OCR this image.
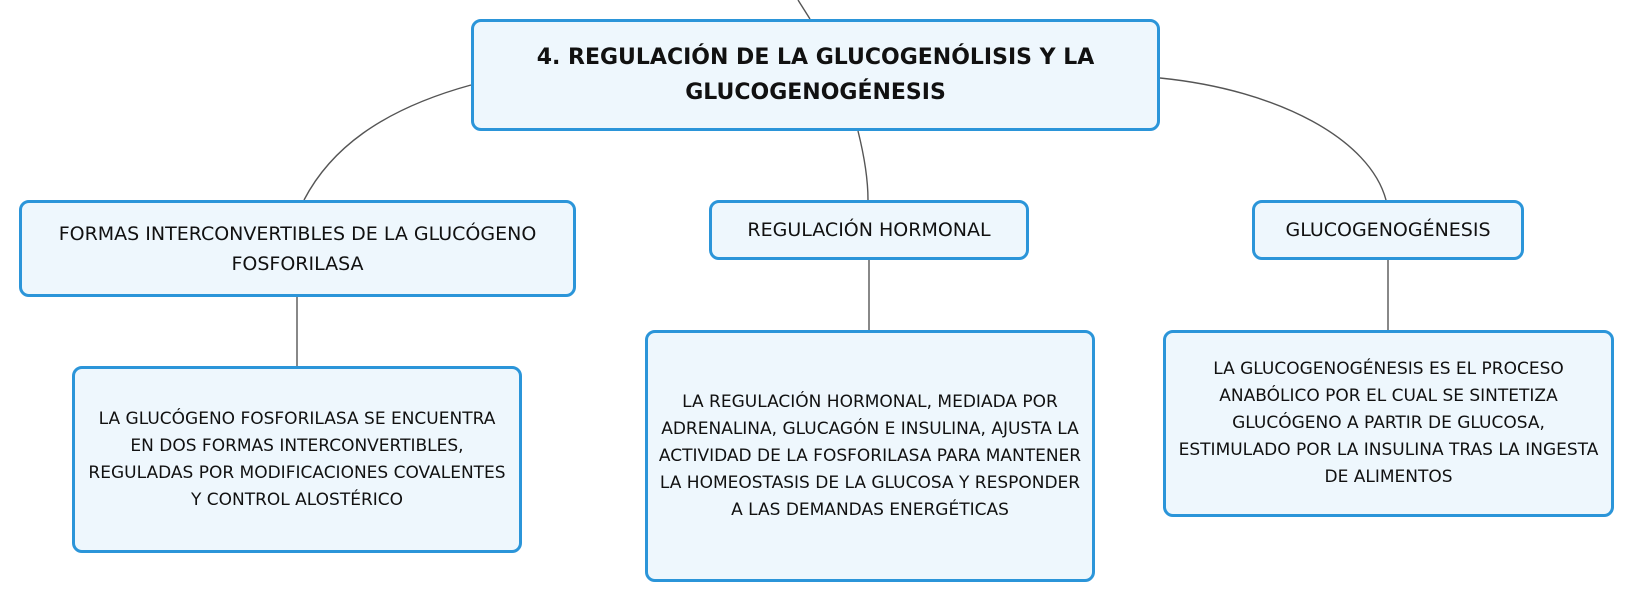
4. REGULACIÓN DE LA GLUCOGENÓLISIS Y LA GLUCOGENOGÉNESIS
FORMAS INTERCONVERTIBLES DE LA GLUCÓGENO FOSFORILASA
REGULACIÓN HORMONAL	GLUCOGENOGÉNESIS
LA GLUCÓGENO FOSFORILASA SE ENCUENTRA EN DOS FORMAS INTERCONVERTIBLES, REGULADAS POR MODIFICACIONES COVALENTES Y CONTROL ALOSTÉRICO
LA REGULACIÓN HORMONAL, MEDIADA POR ADRENALINA, GLUCAGÓN E INSULINA, AJUSTA LA ACTIVIDAD DE LA FOSFORILASA PARA MANTENER LA HOMEOSTASIS DE LA GLUCOSA Y RESPONDER A LAS DEMANDAS ENERGÉTICAS
LA GLUCOGENOGÉNESIS ES EL PROCESO ANABÓLICO POR EL CUAL SE SINTETIZA GLUCÓGENO A PARTIR DE GLUCOSA, ESTIMULADO POR LA INSULINA TRAS LA INGESTA DE ALIMENTOS
